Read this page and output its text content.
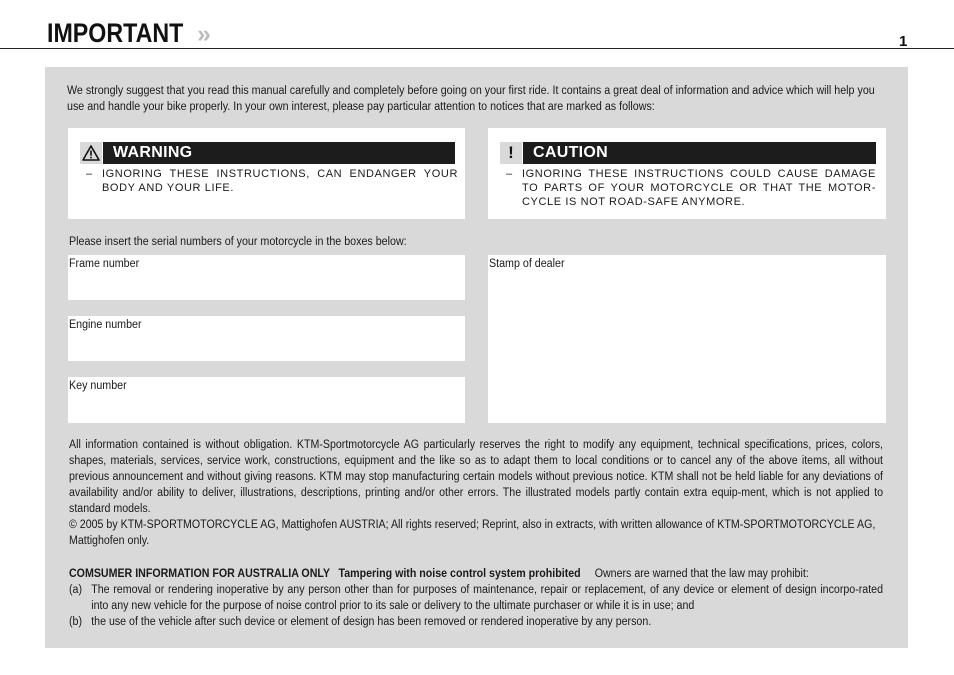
IMPORTANT »	1
We strongly suggest that you read this manual carefully and completely before going on your first ride. It contains a great deal of information and advice which will help you use and handle your bike properly. In your own interest, please pay particular attention to notices that are marked as follows:
WARNING
– IGNORING THESE INSTRUCTIONS, CAN ENDANGER YOUR BODY AND YOUR LIFE.
! CAUTION
– IGNORING THESE INSTRUCTIONS COULD CAUSE DAMAGE TO PARTS OF YOUR MOTORCYCLE OR THAT THE MOTOR-CYCLE IS NOT ROAD-SAFE ANYMORE.
Please insert the serial numbers of your motorcycle in the boxes below:
Frame number
Engine number
Key number
Stamp of dealer

All information contained is without obligation. KTM-Sportmotorcycle AG particularly reserves the right to modify any equipment, technical specifications, prices, colors, shapes, materials, services, service work, constructions, equipment and the like so as to adapt them to local conditions or to cancel any of the above items, all without previous announcement and without giving reasons. KTM may stop manufacturing certain models without previous notice. KTM shall not be held liable for any deviations of availability and/or ability to deliver, illustrations, descriptions, printing and/or other errors. The illustrated models partly contain extra equip-ment, which is not applied to standard models.

© 2005 by KTM-SPORTMOTORCYCLE AG, Mattighofen AUSTRIA; All rights reserved; Reprint, also in extracts, with written allowance of KTM-SPORTMOTORCYCLE AG, Mattighofen only.

COMSUMER INFORMATION FOR AUSTRALIA ONLY Tampering with noise control system prohibited Owners are warned that the law may prohibit:
(a) The removal or rendering inoperative by any person other than for purposes of maintenance, repair or replacement, of any device or element of design incorpo-rated into any new vehicle for the purpose of noise control prior to its sale or delivery to the ultimate purchaser or while it is in use; and
(b) the use of the vehicle after such device or element of design has been removed or rendered inoperative by any person.
